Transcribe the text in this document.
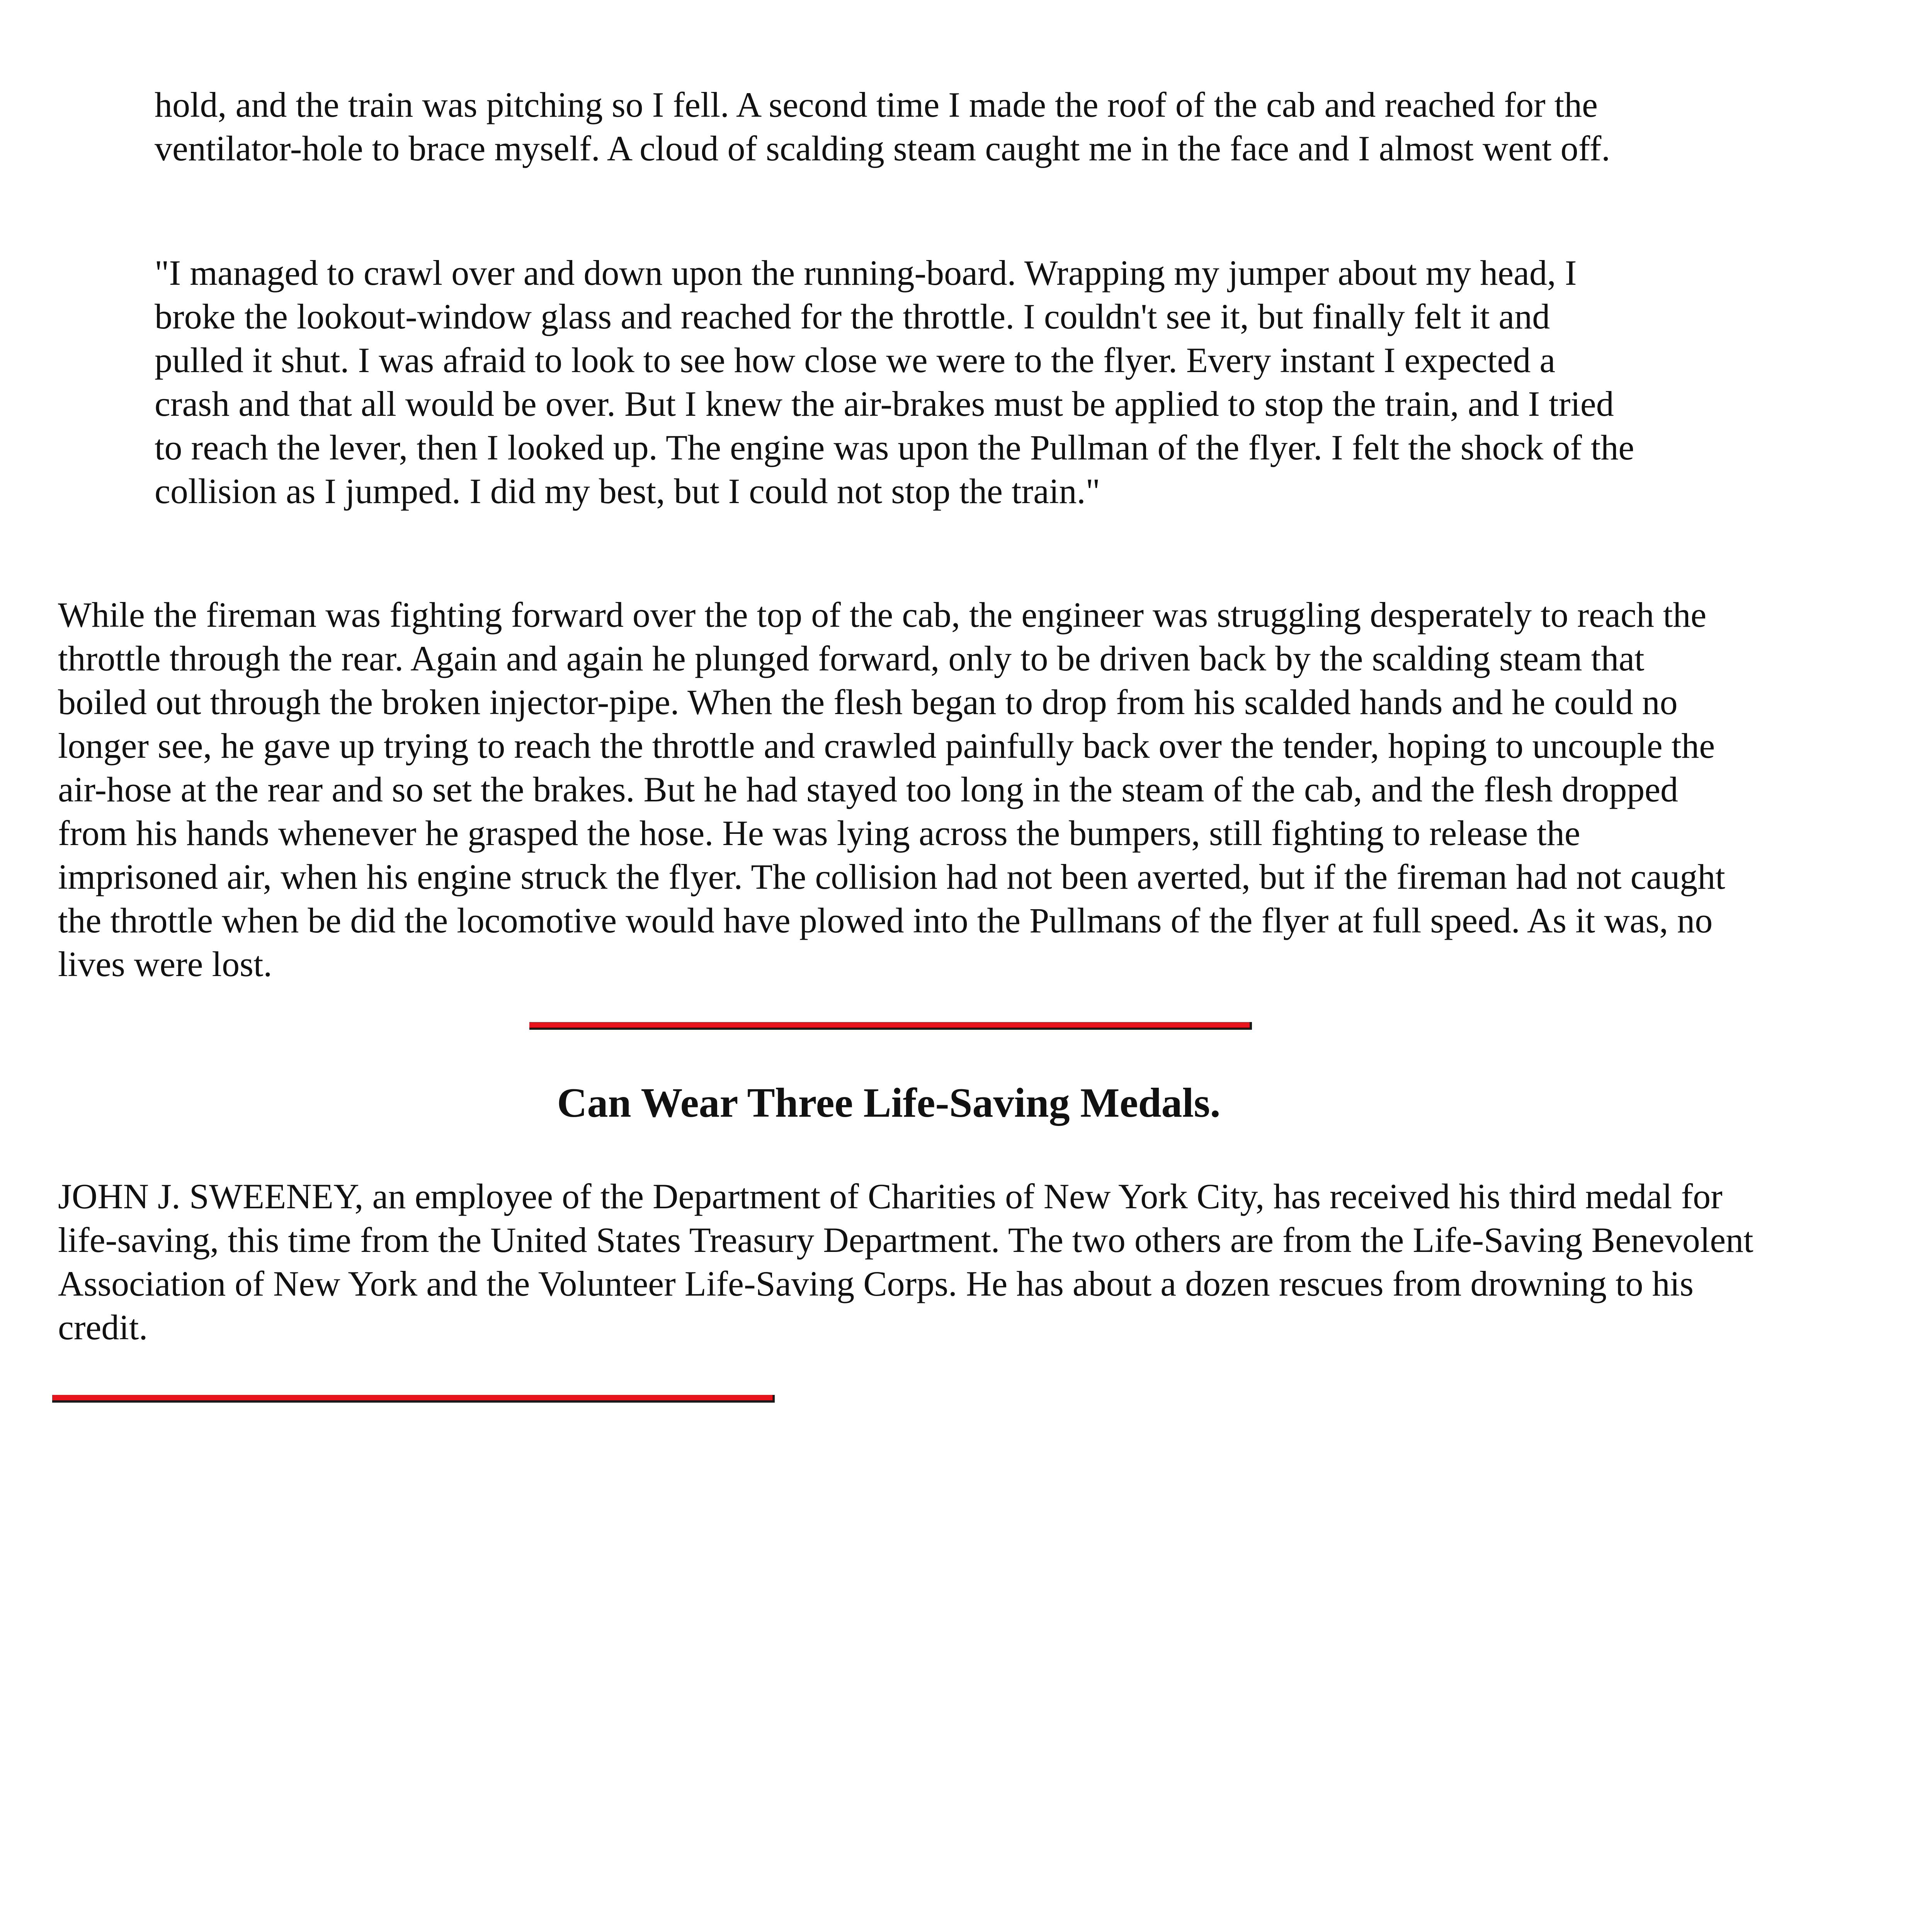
hold, and the train was pitching so I fell. A second time I made the roof of the cab and reached for the ventilator-hole to brace myself. A cloud of scalding steam caught me in the face and I almost went off.

"I managed to crawl over and down upon the running-board. Wrapping my jumper about my head, I broke the lookout-window glass and reached for the throttle. I couldn't see it, but finally felt it and pulled it shut. I was afraid to look to see how close we were to the flyer. Every instant I expected a crash and that all would be over. But I knew the air-brakes must be applied to stop the train, and I tried to reach the lever, then I looked up. The engine was upon the Pullman of the flyer. I felt the shock of the collision as I jumped. I did my best, but I could not stop the train."

While the fireman was fighting forward over the top of the cab, the engineer was struggling desperately to reach the throttle through the rear. Again and again he plunged forward, only to be driven back by the scalding steam that boiled out through the broken injector-pipe. When the flesh began to drop from his scalded hands and he could no longer see, he gave up trying to reach the throttle and crawled painfully back over the tender, hoping to uncouple the air-hose at the rear and so set the brakes. But he had stayed too long in the steam of the cab, and the flesh dropped from his hands whenever he grasped the hose. He was lying across the bumpers, still fighting to release the imprisoned air, when his engine struck the flyer. The collision had not been averted, but if the fireman had not caught the throttle when be did the locomotive would have plowed into the Pullmans of the flyer at full speed. As it was, no lives were lost.

Can Wear Three Life-Saving Medals.

JOHN J. SWEENEY, an employee of the Department of Charities of New York City, has received his third medal for life-saving, this time from the United States Treasury Department. The two others are from the Life-Saving Benevolent Association of New York and the Volunteer Life-Saving Corps. He has about a dozen rescues from drowning to his credit.
